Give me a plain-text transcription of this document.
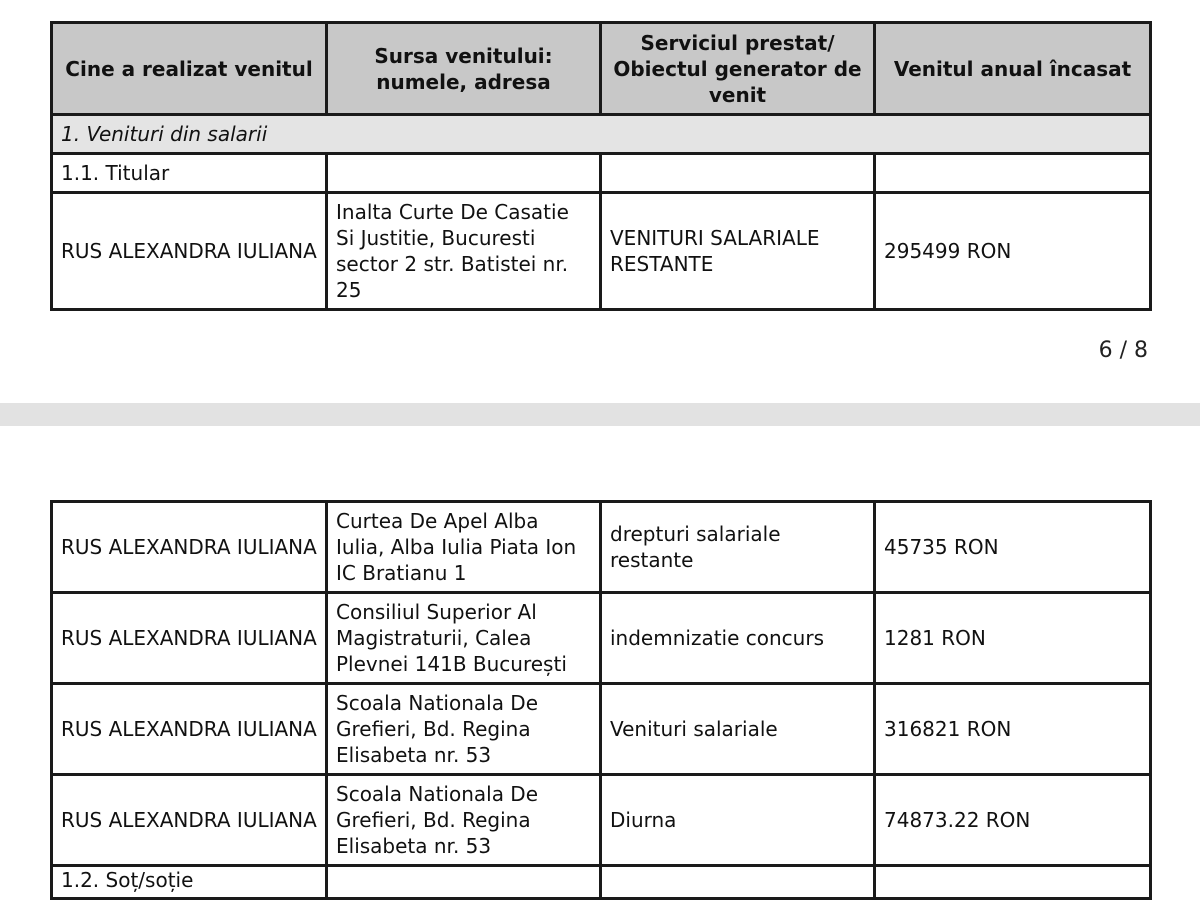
Cine a realizat venitul	Sursa venitului: numele, adresa	Serviciul prestat/ Obiectul generator de venit	Venitul anual încasat
1. Venituri din salarii			
1.1. Titular			
RUS ALEXANDRA IULIANA	Inalta Curte De Casatie Si Justitie, Bucuresti sector 2 str. Batistei nr. 25	VENITURI SALARIALE RESTANTE	295499 RON
6 / 8
RUS ALEXANDRA IULIANA	Curtea De Apel Alba Iulia, Alba Iulia Piata Ion IC Bratianu 1	drepturi salariale restante	45735 RON
RUS ALEXANDRA IULIANA	Consiliul Superior Al Magistraturii, Calea Plevnei 141B București	indemnizatie concurs	1281 RON
RUS ALEXANDRA IULIANA	Scoala Nationala De Grefieri, Bd. Regina Elisabeta nr. 53	Venituri salariale	316821 RON
RUS ALEXANDRA IULIANA	Scoala Nationala De Grefieri, Bd. Regina Elisabeta nr. 53	Diurna	74873.22 RON
1.2. Soț/soție			
